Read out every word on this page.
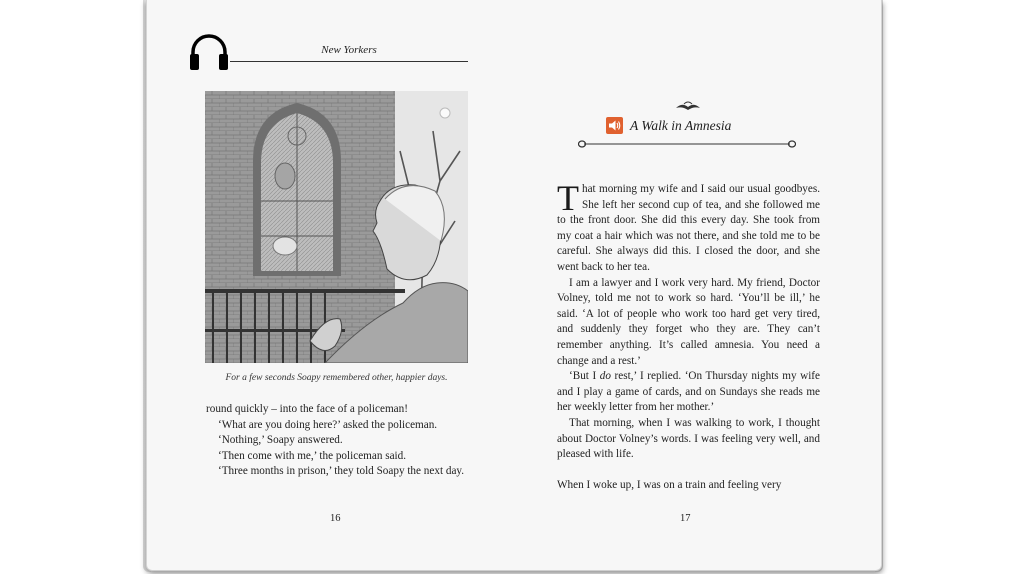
New Yorkers
For a few seconds Soapy remembered other, happier days.

round quickly – into the face of a policeman!

‘What are you doing here?’ asked the policeman.

‘Nothing,’ Soapy answered.

‘Then come with me,’ the policeman said.

‘Three months in prison,’ they told Soapy the next day.

16
A Walk in Amnesia

That morning my wife and I said our usual goodbyes. She left her second cup of tea, and she followed me to the front door. She did this every day. She took from my coat a hair which was not there, and she told me to be careful. She always did this. I closed the door, and she went back to her tea.

I am a lawyer and I work very hard. My friend, Doctor Volney, told me not to work so hard. ‘You’ll be ill,’ he said. ‘A lot of people who work too hard get very tired, and suddenly they forget who they are. They can’t remember anything. It’s called amnesia. You need a change and a rest.’

‘But I do rest,’ I replied. ‘On Thursday nights my wife and I play a game of cards, and on Sundays she reads me her weekly letter from her mother.’

That morning, when I was walking to work, I thought about Doctor Volney’s words. I was feeling very well, and pleased with life.

When I woke up, I was on a train and feeling very

17
